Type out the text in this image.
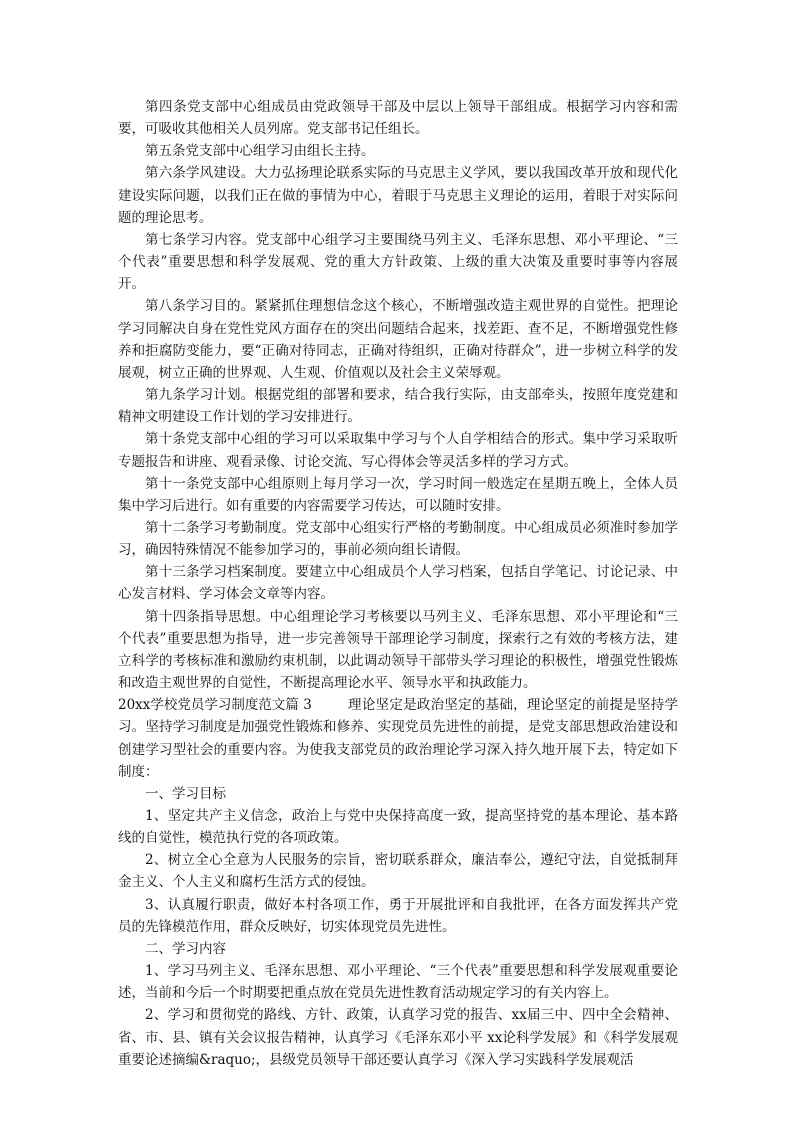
第四条党支部中心组成员由党政领导干部及中层以上领导干部组成。根据学习内容和需要，可吸收其他相关人员列席。党支部书记任组长。

第五条党支部中心组学习由组长主持。

第六条学风建设。大力弘扬理论联系实际的马克思主义学风，要以我国改革开放和现代化建设实际问题，以我们正在做的事情为中心，着眼于马克思主义理论的运用，着眼于对实际问题的理论思考。

第七条学习内容。党支部中心组学习主要围绕马列主义、毛泽东思想、邓小平理论、“三个代表”重要思想和科学发展观、党的重大方针政策、上级的重大决策及重要时事等内容展开。

第八条学习目的。紧紧抓住理想信念这个核心，不断增强改造主观世界的自觉性。把理论学习同解决自身在党性党风方面存在的突出问题结合起来，找差距、查不足，不断增强党性修养和拒腐防变能力，要“正确对待同志，正确对待组织，正确对待群众”，进一步树立科学的发展观，树立正确的世界观、人生观、价值观以及社会主义荣辱观。

第九条学习计划。根据党组的部署和要求，结合我行实际，由支部牵头，按照年度党建和精神文明建设工作计划的学习安排进行。

第十条党支部中心组的学习可以采取集中学习与个人自学相结合的形式。集中学习采取听专题报告和讲座、观看录像、讨论交流、写心得体会等灵活多样的学习方式。

第十一条党支部中心组原则上每月学习一次，学习时间一般选定在星期五晚上，全体人员集中学习后进行。如有重要的内容需要学习传达，可以随时安排。

第十二条学习考勤制度。党支部中心组实行严格的考勤制度。中心组成员必须准时参加学习，确因特殊情况不能参加学习的，事前必须向组长请假。

第十三条学习档案制度。要建立中心组成员个人学习档案，包括自学笔记、讨论记录、中心发言材料、学习体会文章等内容。

第十四条指导思想。中心组理论学习考核要以马列主义、毛泽东思想、邓小平理论和“三个代表”重要思想为指导，进一步完善领导干部理论学习制度，探索行之有效的考核方法，建立科学的考核标准和激励约束机制，以此调动领导干部带头学习理论的积极性，增强党性锻炼和改造主观世界的自觉性，不断提高理论水平、领导水平和执政能力。

20xx学校党员学习制度范文篇 3	理论坚定是政治坚定的基础，理论坚定的前提是坚持学习。坚持学习制度是加强党性锻炼和修养、实现党员先进性的前提，是党支部思想政治建设和创建学习型社会的重要内容。为使我支部党员的政治理论学习深入持久地开展下去，特定如下制度：

一、学习目标

1、坚定共产主义信念，政治上与党中央保持高度一致，提高坚持党的基本理论、基本路线的自觉性，模范执行党的各项政策。

2、树立全心全意为人民服务的宗旨，密切联系群众，廉洁奉公，遵纪守法，自觉抵制拜金主义、个人主义和腐朽生活方式的侵蚀。

3、认真履行职责，做好本村各项工作，勇于开展批评和自我批评，在各方面发挥共产党员的先锋模范作用，群众反映好，切实体现党员先进性。

二、学习内容

1、学习马列主义、毛泽东思想、邓小平理论、“三个代表”重要思想和科学发展观重要论述，当前和今后一个时期要把重点放在党员先进性教育活动规定学习的有关内容上。

2、学习和贯彻党的路线、方针、政策，认真学习党的报告、xx届三中、四中全会精神、省、市、县、镇有关会议报告精神，认真学习《毛泽东邓小平 xx论科学发展》和《科学发展观重要论述摘编&raquo;，县级党员领导干部还要认真学习《深入学习实践科学发展观活
